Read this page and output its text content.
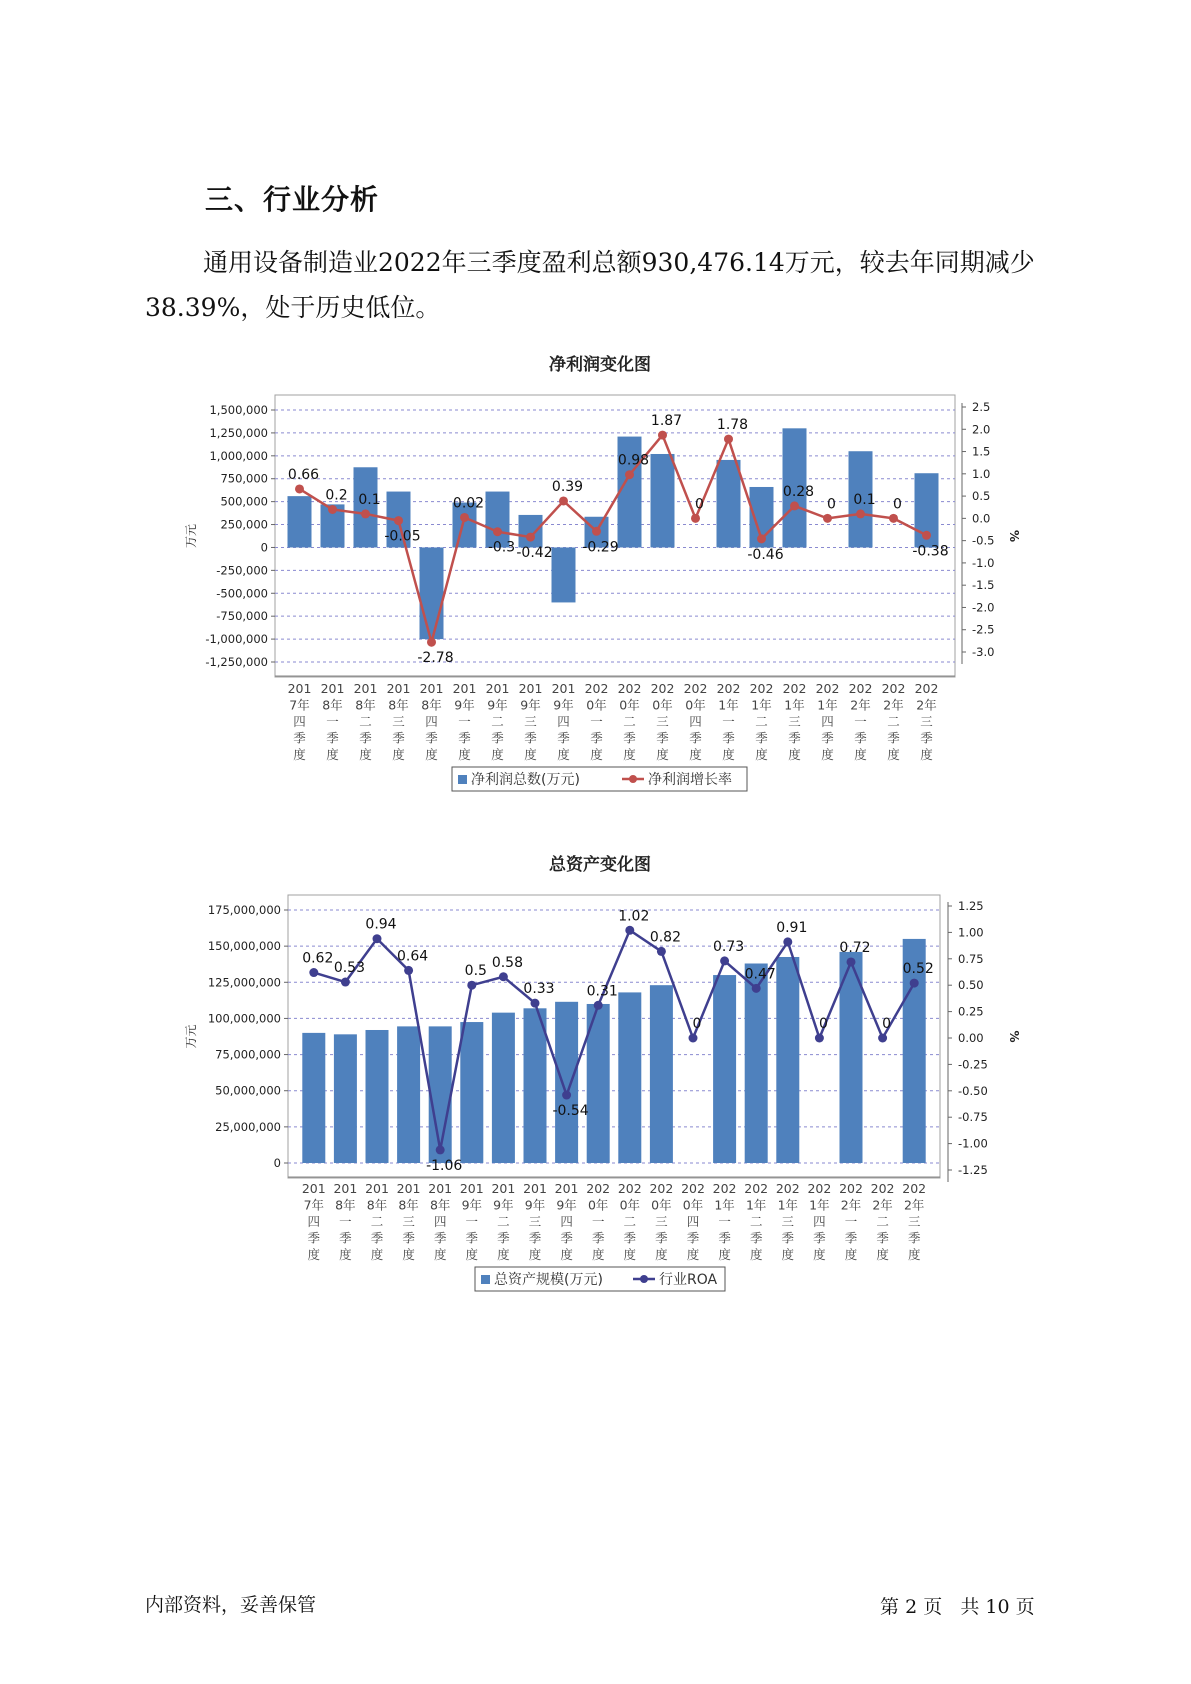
三、行业分析
通用设备制造业2022年三季度盈利总额930,476.14万元，较去年同期减少38.39%，处于历史低位。
净利润变化图
1,500,000
1,250,000
1,000,000
750,000
500,000
250,000
0
-250,000
-500,000
-750,000
-1,000,000
-1,250,000
万元
2.5
2.0
1.5
1.0
0.5
0.0
-0.5
-1.0
-1.5
-2.0
-2.5
-3.0
%
201
7年
四
季
度
201
8年
一
季
度
201
8年
二
季
度
201
8年
三
季
度
201
8年
四
季
度
201
9年
一
季
度
201
9年
二
季
度
201
9年
三
季
度
201
9年
四
季
度
202
0年
一
季
度
202
0年
二
季
度
202
0年
三
季
度
202
0年
四
季
度
202
1年
一
季
度
202
1年
二
季
度
202
1年
三
季
度
202
1年
四
季
度
202
2年
一
季
度
202
2年
二
季
度
202
2年
三
季
度
0.66
0.2 0.1
-0.05
-2.78
0.02
-0.3 -0.42
0.39
-0.29
0.98
1.87
0
1.78
-0.46
0.28
0 0.1 0
-0.38
净利润总数(万元)	净利润增长率
总资产变化图
175,000,000
150,000,000
125,000,000
100,000,000
75,000,000
50,000,000
25,000,000
0
万元
1.25
1.00
0.75
0.50
0.25
0.00
-0.25
-0.50
-0.75
-1.00
-1.25
%
201
7年
四
季
度
201
8年
一
季
度
201
8年
二
季
度
201
8年
三
季
度
201
8年
四
季
度
201
9年
一
季
度
201
9年
二
季
度
201
9年
三
季
度
201
9年
四
季
度
202
0年
一
季
度
202
0年
二
季
度
202
0年
三
季
度
202
0年
四
季
度
202
1年
一
季
度
202
1年
二
季
度
202
1年
三
季
度
202
1年
四
季
度
202
2年
一
季
度
202
2年
二
季
度
202
2年
三
季
度
0.62
0.53
0.94
0.64
-1.06
0.5
0.58
0.33
-0.54
0.31
1.02
0.82
0
0.73
0.47
0.91
0
0.72
0
0.52
总资产规模(万元)	行业ROA
内部资料，妥善保管	第 2 页 共 10 页
